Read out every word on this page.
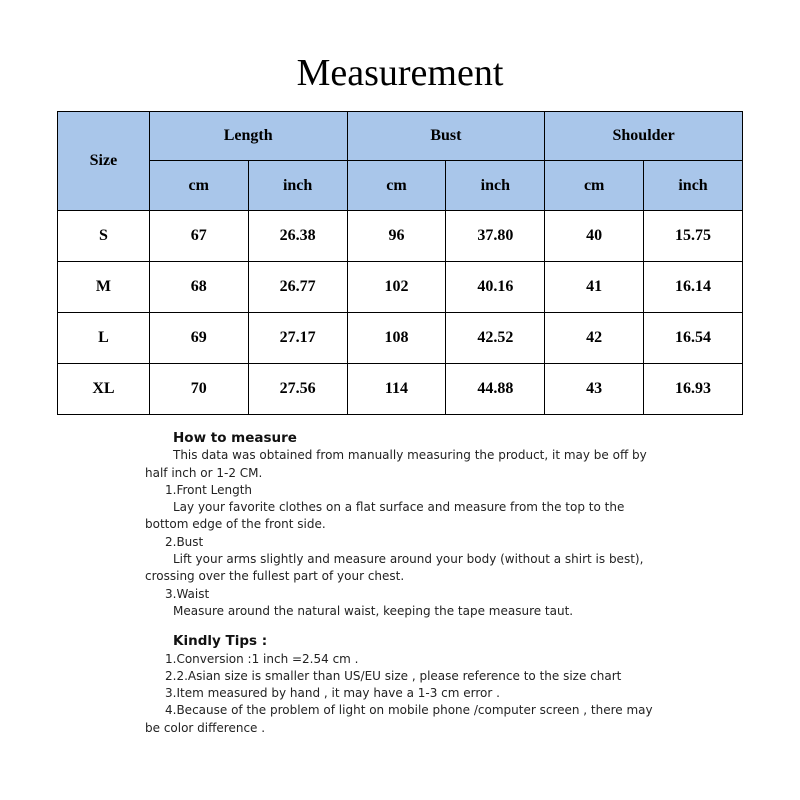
Measurement
Size	Length		Bust		Shoulder	
	cm	inch	cm	inch	cm	inch
S	67	26.38	96	37.80	40	15.75
M	68	26.77	102	40.16	41	16.14
L	69	27.17	108	42.52	42	16.54
XL	70	27.56	114	44.88	43	16.93

How to measure

This data was obtained from manually measuring the product, it may be off by

half inch or 1-2 CM.

1.Front Length

Lay your favorite clothes on a flat surface and measure from the top to the

bottom edge of the front side.

2.Bust

Lift your arms slightly and measure around your body (without a shirt is best),

crossing over the fullest part of your chest.

3.Waist

Measure around the natural waist, keeping the tape measure taut.

Kindly Tips :

1.Conversion :1 inch =2.54 cm .

2.2.Asian size is smaller than US/EU size , please reference to the size chart

3.Item measured by hand , it may have a 1-3 cm error .

4.Because of the problem of light on mobile phone /computer screen , there may

be color difference .
